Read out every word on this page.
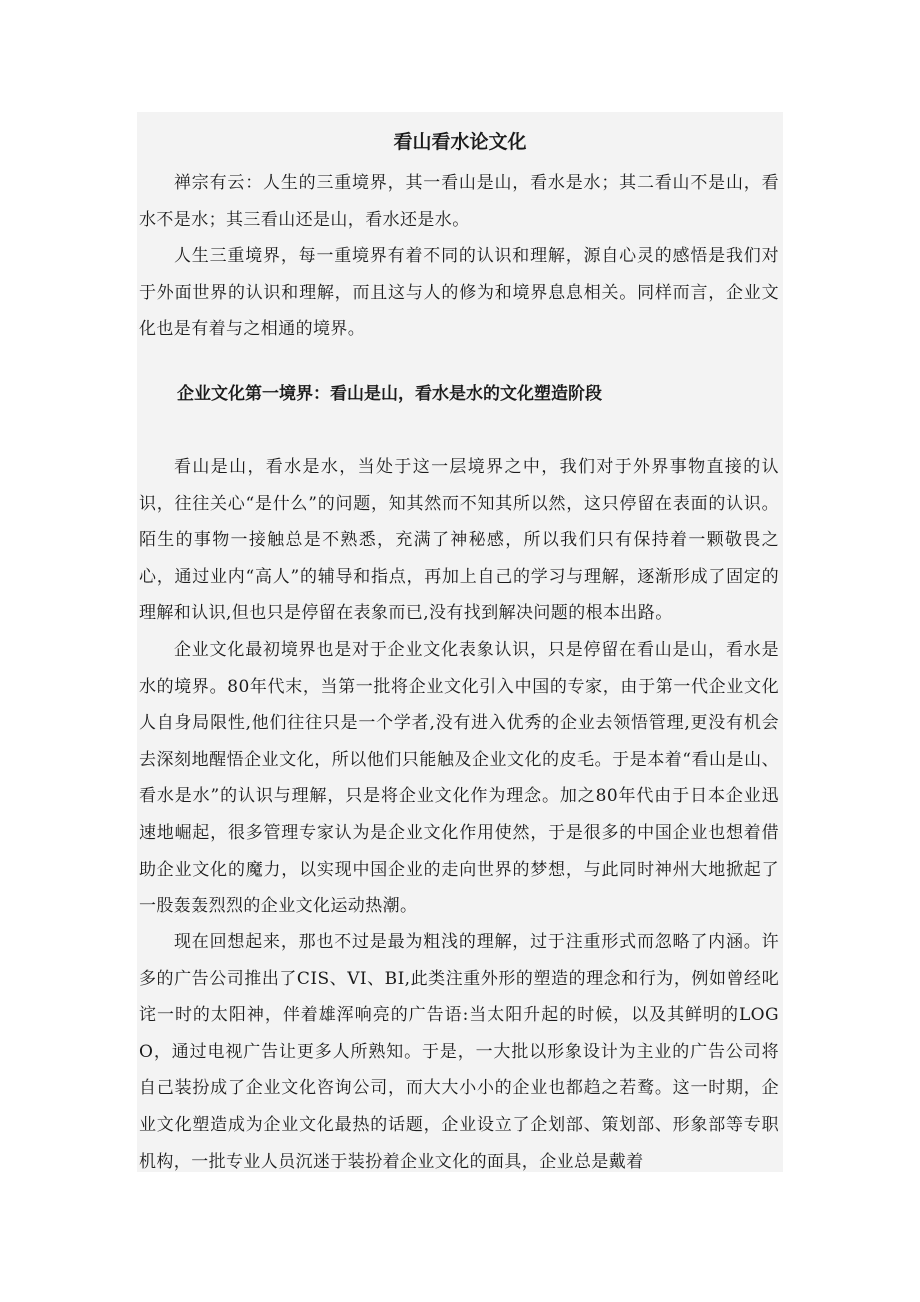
看山看水论文化

禅宗有云：人生的三重境界，其一看山是山，看水是水；其二看山不是山，看水不是水；其三看山还是山，看水还是水。

人生三重境界，每一重境界有着不同的认识和理解，源自心灵的感悟是我们对于外面世界的认识和理解，而且这与人的修为和境界息息相关。同样而言，企业文化也是有着与之相通的境界。

企业文化第一境界：看山是山，看水是水的文化塑造阶段

看山是山，看水是水，当处于这一层境界之中，我们对于外界事物直接的认识，往往关心“是什么”的问题，知其然而不知其所以然，这只停留在表面的认识。陌生的事物一接触总是不熟悉，充满了神秘感，所以我们只有保持着一颗敬畏之心，通过业内“高人”的辅导和指点，再加上自己的学习与理解，逐渐形成了固定的理解和认识,但也只是停留在表象而已,没有找到解决问题的根本出路。

企业文化最初境界也是对于企业文化表象认识，只是停留在看山是山，看水是水的境界。80年代末，当第一批将企业文化引入中国的专家，由于第一代企业文化人自身局限性,他们往往只是一个学者,没有进入优秀的企业去领悟管理,更没有机会去深刻地醒悟企业文化，所以他们只能触及企业文化的皮毛。于是本着“看山是山、看水是水”的认识与理解，只是将企业文化作为理念。加之80年代由于日本企业迅速地崛起，很多管理专家认为是企业文化作用使然，于是很多的中国企业也想着借助企业文化的魔力，以实现中国企业的走向世界的梦想，与此同时神州大地掀起了一股轰轰烈烈的企业文化运动热潮。

现在回想起来，那也不过是最为粗浅的理解，过于注重形式而忽略了内涵。许多的广告公司推出了CIS、VI、BI,此类注重外形的塑造的理念和行为，例如曾经叱诧一时的太阳神，伴着雄浑响亮的广告语:当太阳升起的时候，以及其鲜明的LOGO，通过电视广告让更多人所熟知。于是，一大批以形象设计为主业的广告公司将自己装扮成了企业文化咨询公司，而大大小小的企业也都趋之若鹜。这一时期，企业文化塑造成为企业文化最热的话题，企业设立了企划部、策划部、形象部等专职机构，一批专业人员沉迷于装扮着企业文化的面具，企业总是戴着
